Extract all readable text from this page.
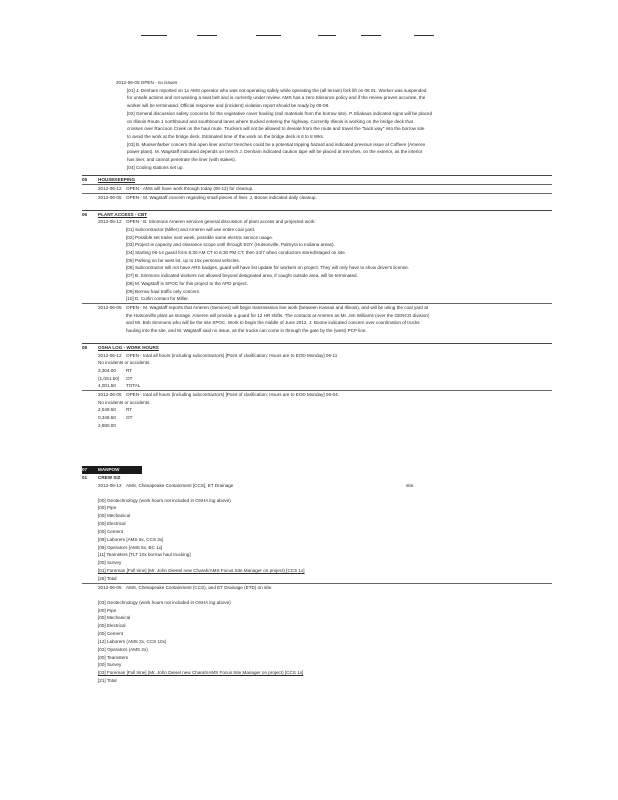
2012-06-05 OPEN - no issues
[01] J. Denham reported on 1x AMS operator who was not operating safely while operating the (all terrain) fork lift on 06 01. Worker was suspended
for unsafe actions and not wearing a seat belt and is currently under review. AMS has a zero tolerance policy and if the review proves accurate, the
worker will be terminated. Official response and (incident) violation report should be ready by 06-08.
[02] General discussion safety concerns for the vegetative cover hauling (soil materials from the borrow site). P. Eliakaus indicated signs will be placed
on Illinois Route 1 northbound and southbound lanes where trucked entering the highway. Currently Illinois is working on the bridge deck that
crosses over Raccoon Creek on the haul route. Truckers will not be allowed to deviate from the route and travel the "back way" into the borrow site
to avoid the work at the bridge deck. Estimated time of the work on the bridge deck is 6 to 8 Wks.
[03] B. Mussenfarber concern that open liner anchor trenches could be a potential tripping hazard and indicated previous issue at Coffeen (Ameren
power plant). M. Wagstaff indicated depends on trench J. Denham indicated caution tape will be placed at trenches, on the exterior, as the interior
has liner, and cannot penetrate the liner (with stakes).
[04] Cooling stations set up.
05	HOUSEKEEPING
2012-06-12 OPEN - AMS will have work through today (06-12) for cleanup.
2012-06-05 OPEN - M. Wagstaff concern regarding small pieces of liner. J. Boone indicated daily cleanup.
06	PLANT ACCESS - CBT
2012-06-12 OPEN - B. Simmons Ameren services general discussion of plant access and projected work:
[01] Subcontractor (Miller) and Ameren will use entire coal yard.
[02] Possible set trailer next week, possible same electric service usage.
[03] Project is capacity and clearance scope until through EOY (Hutsonville, Palmyra to Indiana areas).
[04] Starting 06-14 guard form 6:30 AM CT to 6:30 PM CT, then 24/7 when conductors stored/staged on site.
[05] Parking on far west lot, up to 15x personal vehicles.
[06] Subcontractor will not have ARS badges, guard will have list update for workers on project. They will only have to show driver's license.
[07] B. Simmons indicated workers not allowed beyond designated area, if caught outside area, will be terminated.
[08] M. Wagstaff is SPOC for this project to the APD project.
[09] Borrow haul traffic only concern.
[10] D. Curlin contact for Miller.
2012-06-05 OPEN - M. Wagstaff reports that Ameren (Services) will begin transmission line work (between Kansas and Illinois), and will be using the coal yard at
the Hutsonville plant as storage. Ameren will provide a guard for 12 HR shifts. The contacts at Ameren as Mr. Jim Williams (over the GENCO division)
and Mr. Bob Simmons who will be the site SPOC. Work to begin the middle of June 2012. J. Boone indicated concern over coordination of trucks
hauling into the site, and M. Wagstaff said no issue, as the trucks can come in through the gate by the (west) PCP line.
08	OSHA LOG - WORK HOURS
2012-06-12 OPEN - total all hours (including subcontractors) [Point of clarification: Hours are to EOD Monday] 06-11
No incidents or accidents.
3,304.00	RT
(1,0S1.50)	OT
4,001.50	TOTAL
2012-06-05 OPEN - total all hours (including subcontractors) [Point of clarification: Hours are to EOD Monday] 06-04.
No incidents or accidents.
2,549.50	RT
0,346.50	OT
2,880.00
07	MANPOW
01	CREW SIZ
2012-06-12 AMS, Chesapeake Containment [CCS], ET Drainage	site.
[00] Geotechnology (work hours not included in OSHA log above)
[00] Pipe
[00] Mechanical
[00] Electrical
[00] Cement
[09] Laborers [AMS 5x, CCS 3x]
[05] Operators [AMS 5x, BC 1x]
[11] Teamsters [TLT 10x borrow haul trucking]
[00] Survey
[01] Foreman [Full time] (Mr. John Diestel new Charah/AMS Focus Site Manager on project) [CCS 1x]
[25] Total
2012-06-05 AMS, Chesapeake Containment (CCS), and ET Drainage (ETD) on site.
[03] Geotechnology (work hours not included in OSHA log above)
[00] Pipe
[00] Mechanical
[00] Electrical
[00] Cement
[12] Laborers (AMS 2x, CCS 10x)
[02] Operators (AMS 2x)
[00] Teamsters
[00] Survey
[03] Foreman [Full time] (Mr. John Diesel new Charah/AMS Focus Site Manager on project) [CCS 1x]
[21] Total
